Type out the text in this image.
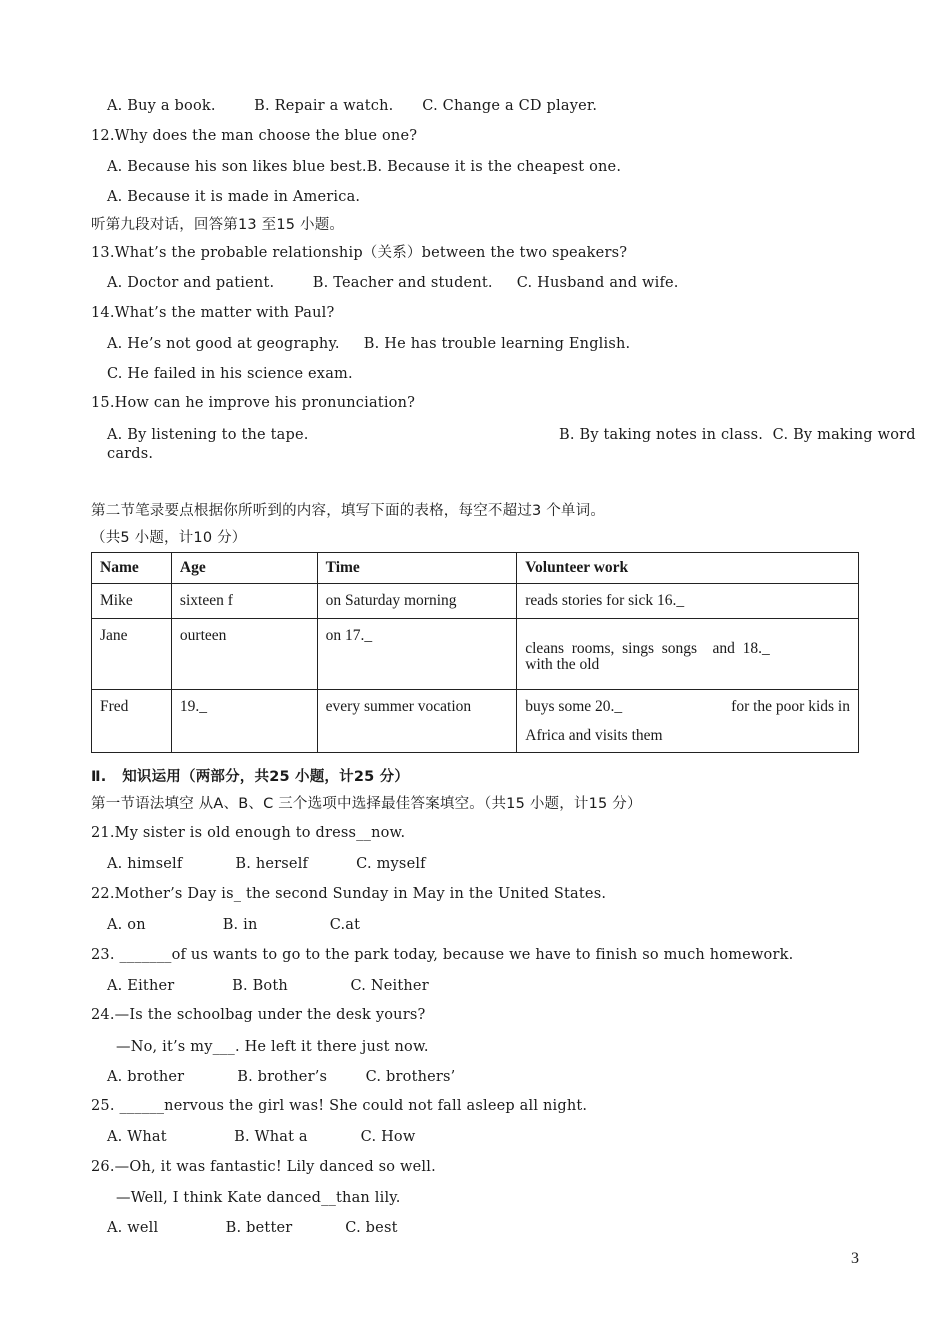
A. Buy a book.        B. Repair a watch.      C. Change a CD player.
12.Why does the man choose the blue one?
A. Because his son likes blue best.B. Because it is the cheapest one.
A. Because it is made in America.
听第九段对话，回答第13 至15 小题。
13.What’s the probable relationship（关系）between the two speakers?
A. Doctor and patient.        B. Teacher and student.     C. Husband and wife.
14.What’s the matter with Paul?
A. He’s not good at geography.     B. He has trouble learning English.
C. He failed in his science exam.
15.How can he improve his pronunciation?
A. By listening to the tape.	B. By taking notes in class.  C. By making word
cards.
第二节笔录要点根据你所听到的内容，填写下面的表格，每空不超过3 个单词。
（共5 小题，计10 分）
Name	Age	Time	Volunteer work
Mike	sixteen f	on Saturday morning	reads stories for sick 16._
Jane	ourteen	on 17._	cleans  rooms,  sings  songs    and  18._
with the old

Fred	19._	every summer vocation	buys some 20._ for the poor kids in
Africa and visits them
Ⅱ.   知识运用（两部分，共25 小题，计25 分）
第一节语法填空 从A、B、C 三个选项中选择最佳答案填空。（共15 小题，计15 分）
21.My sister is old enough to dress__now.
A. himself           B. herself          C. myself
22.Mother’s Day is_ the second Sunday in May in the United States.
A. on                B. in               C.at
23. _______of us wants to go to the park today, because we have to finish so much homework.
A. Either            B. Both             C. Neither
24.—Is the schoolbag under the desk yours?
—No, it’s my___. He left it there just now.
A. brother           B. brother’s        C. brothers’
25. ______nervous the girl was! She could not fall asleep all night.
A. What              B. What a           C. How
26.—Oh, it was fantastic! Lily danced so well.
—Well, I think Kate danced__than lily.
A. well              B. better           C. best
3
